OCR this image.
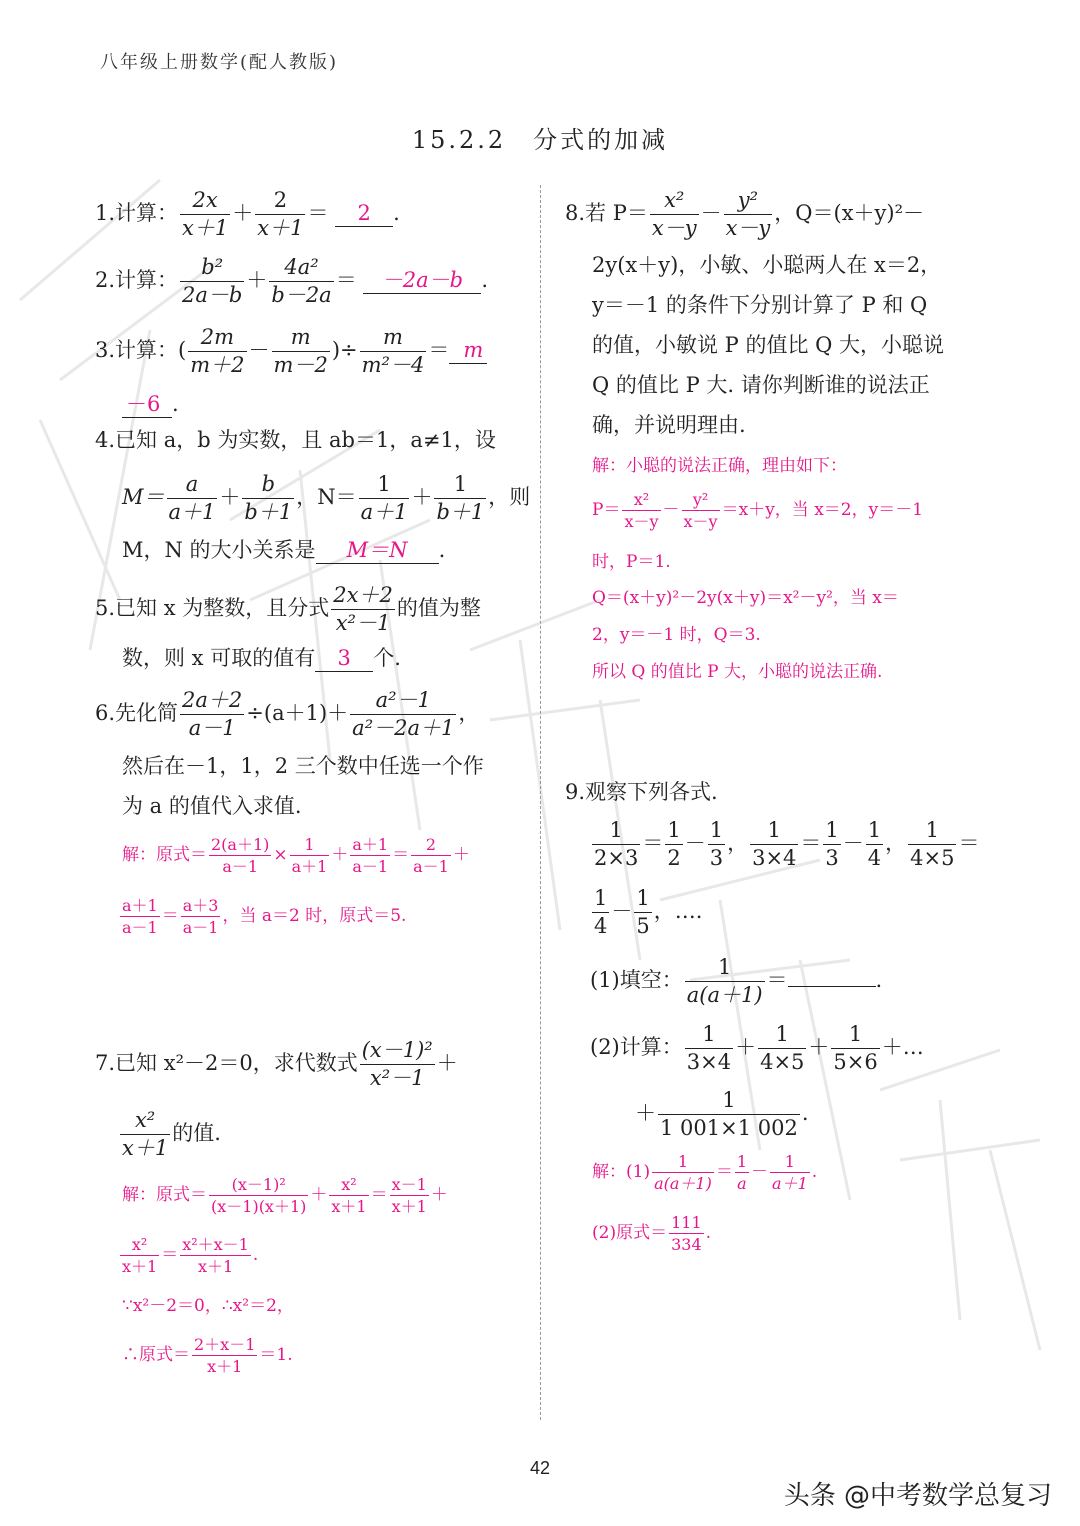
八年级上册数学(配人教版)
15.2.2　分式的加减
1.计算： $\frac{2x}{x+1} + \frac{2}{x+1} = 2$ .
2.计算： $\frac{\text{b²}}{2a-b} + \frac{\text{4a²}}{b-2a} = -2a-b$ .
3.计算：( $\frac{2m}{m+2} - \frac{m}{m-2}$ )÷ $\frac{m}{\text{m²－4}} = m$
－6 .
4.已知 a，b 为实数，且 ab＝1，a≠1，设
$M= \frac{a}{a+1} + \frac{b}{b+1}$ ，$N= \frac{1}{a+1} + \frac{1}{b+1}$ ，则
M，N 的大小关系是 M＝N .
5.已知 x 为整数，且分式 $\frac{2x+2}{\text{x²－1}}$ 的值为整
数，则 x 可取的值有 3 个.
6.先化简 $\frac{2a+2}{a-1} \div(a+1)+ \frac{\text{a²－1}}{\text{a²－2a＋1}}$ ，
然后在－1，1，2 三个数中任选一个作
为 a 的值代入求值.
解：原式＝ $\frac{2(a+1)}{a-1} \times \frac{1}{a+1} + \frac{a+1}{a-1} = \frac{2}{a-1}$ ＋
$\frac{a+1}{a-1} = \frac{a+3}{a-1}$ ，当 a＝2 时，原式＝5.
7.已知 x²－2＝0，求代数式 $\frac{\text{(x－1)²}}{\text{x²－1}}$ ＋
$\frac{\text{x²}}{x+1}$ 的值.
解：原式＝ $\frac{\text{(x－1)²}}{(x-1)(x+1)} + \frac{\text{x²}}{x+1} = \frac{x-1}{x+1}$ ＋
$\frac{\text{x²}}{x+1} = \frac{\text{x²＋x－1}}{x+1}$ .
∵x²－2＝0，∴x²＝2，
∴原式＝ $\frac{2+x-1}{x+1} =1$.
8.若 $P= \frac{\text{x²}}{x-y} - \frac{\text{y²}}{x-y}$ ，Q＝(x＋y)²－
2y(x＋y)，小敏、小聪两人在 x＝2，
y＝－1 的条件下分别计算了 P 和 Q
的值，小敏说 P 的值比 Q 大，小聪说
Q 的值比 P 大. 请你判断谁的说法正
确，并说明理由.
解：小聪的说法正确，理由如下：
$P= \frac{\text{x²}}{x-y} - \frac{\text{y²}}{x-y} =x+y$，当 x＝2，y＝－1
时，P＝1.
Q＝(x＋y)²－2y(x＋y)＝x²－y²，当 x＝
2，y＝－1 时，Q＝3.
所以 Q 的值比 P 大，小聪的说法正确.
9.观察下列各式.
$\frac{1}{2\times 3} = \frac{1}{2} - \frac{1}{3}$ ， $\frac{1}{3\times 4} = \frac{1}{3} - \frac{1}{4}$ ， $\frac{1}{4\times 5}$ ＝
$\frac{1}{4} - \frac{1}{5}$ ，….
(1)填空： $\frac{1}{a(a+1)}$ ＝	.
(2)计算： $\frac{1}{3\times 4} + \frac{1}{4\times 5} + \frac{1}{5\times 6}$ ＋…
＋ $\frac{1}{1 001\times 1 002}$ .
解：$(1) \frac{1}{a(a+1)} = \frac{1}{a} - \frac{1}{a+1}$ .
(2)原式＝ $\frac{111}{334}$ .
42
头条 @中考数学总复习
